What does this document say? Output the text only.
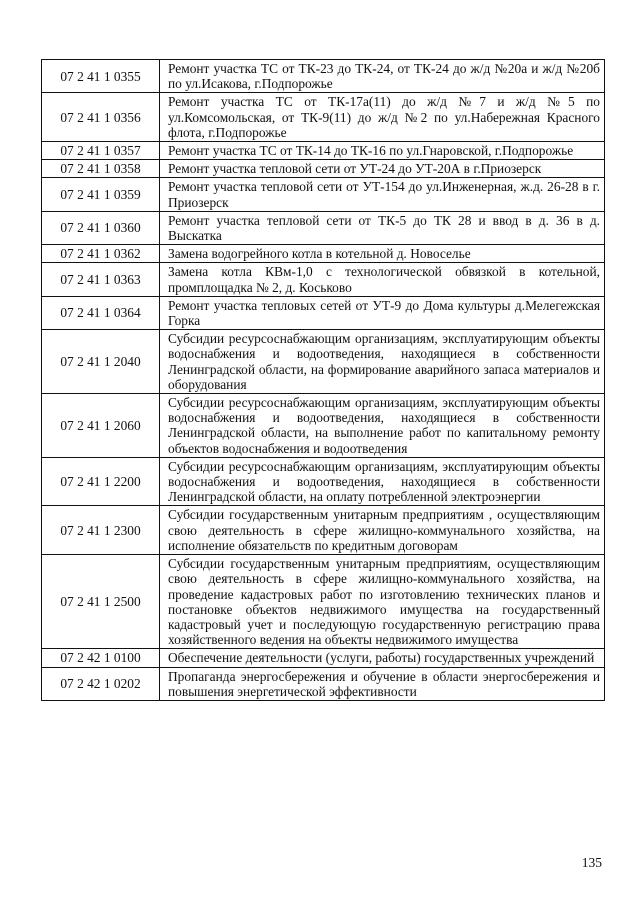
07 2 41 1 0355	Ремонт участка ТС от ТК-23 до ТК-24, от ТК-24 до ж/д №20а и ж/д №20б по ул.Исакова, г.Подпорожье
07 2 41 1 0356	Ремонт участка ТС от ТК-17а(11) до ж/д №7 и ж/д №5 по ул.Комсомольская, от ТК-9(11) до ж/д №2 по ул.Набережная Красного флота, г.Подпорожье
07 2 41 1 0357	Ремонт участка ТС от ТК-14 до ТК-16 по ул.Гнаровской, г.Подпорожье
07 2 41 1 0358	Ремонт участка тепловой сети от УТ-24 до УТ-20А в г.Приозерск
07 2 41 1 0359	Ремонт участка тепловой сети от УТ-154 до ул.Инженерная, ж.д. 26-28 в г. Приозерск
07 2 41 1 0360	Ремонт участка тепловой сети от ТК-5 до ТК 28 и ввод в д. 36 в д. Выскатка
07 2 41 1 0362	Замена водогрейного котла в котельной д. Новоселье
07 2 41 1 0363	Замена котла КВм-1,0 с технологической обвязкой в котельной, промплощадка № 2, д. Коськово
07 2 41 1 0364	Ремонт участка тепловых сетей от УТ-9 до Дома культуры д.Мелегежская Горка
07 2 41 1 2040	Субсидии ресурсоснабжающим организациям, эксплуатирующим объекты водоснабжения и водоотведения, находящиеся в собственности Ленинградской области, на формирование аварийного запаса материалов и оборудования
07 2 41 1 2060	Субсидии ресурсоснабжающим организациям, эксплуатирующим объекты водоснабжения и водоотведения, находящиеся в собственности Ленинградской области, на выполнение работ по капитальному ремонту объектов водоснабжения и водоотведения
07 2 41 1 2200	Субсидии ресурсоснабжающим организациям, эксплуатирующим объекты водоснабжения и водоотведения, находящиеся в собственности Ленинградской области, на оплату потребленной электроэнергии
07 2 41 1 2300	Субсидии государственным унитарным предприятиям , осуществляющим свою деятельность в сфере жилищно-коммунального хозяйства, на исполнение обязательств по кредитным договорам
07 2 41 1 2500	Субсидии государственным унитарным предприятиям, осуществляющим свою деятельность в сфере жилищно-коммунального хозяйства, на проведение кадастровых работ по изготовлению технических планов и постановке объектов недвижимого имущества на государственный кадастровый учет и последующую государственную регистрацию права хозяйственного ведения на объекты недвижимого имущества
07 2 42 1 0100	Обеспечение деятельности (услуги, работы) государственных учреждений
07 2 42 1 0202	Пропаганда энергосбережения и обучение в области энергосбережения и повышения энергетической эффективности
135
